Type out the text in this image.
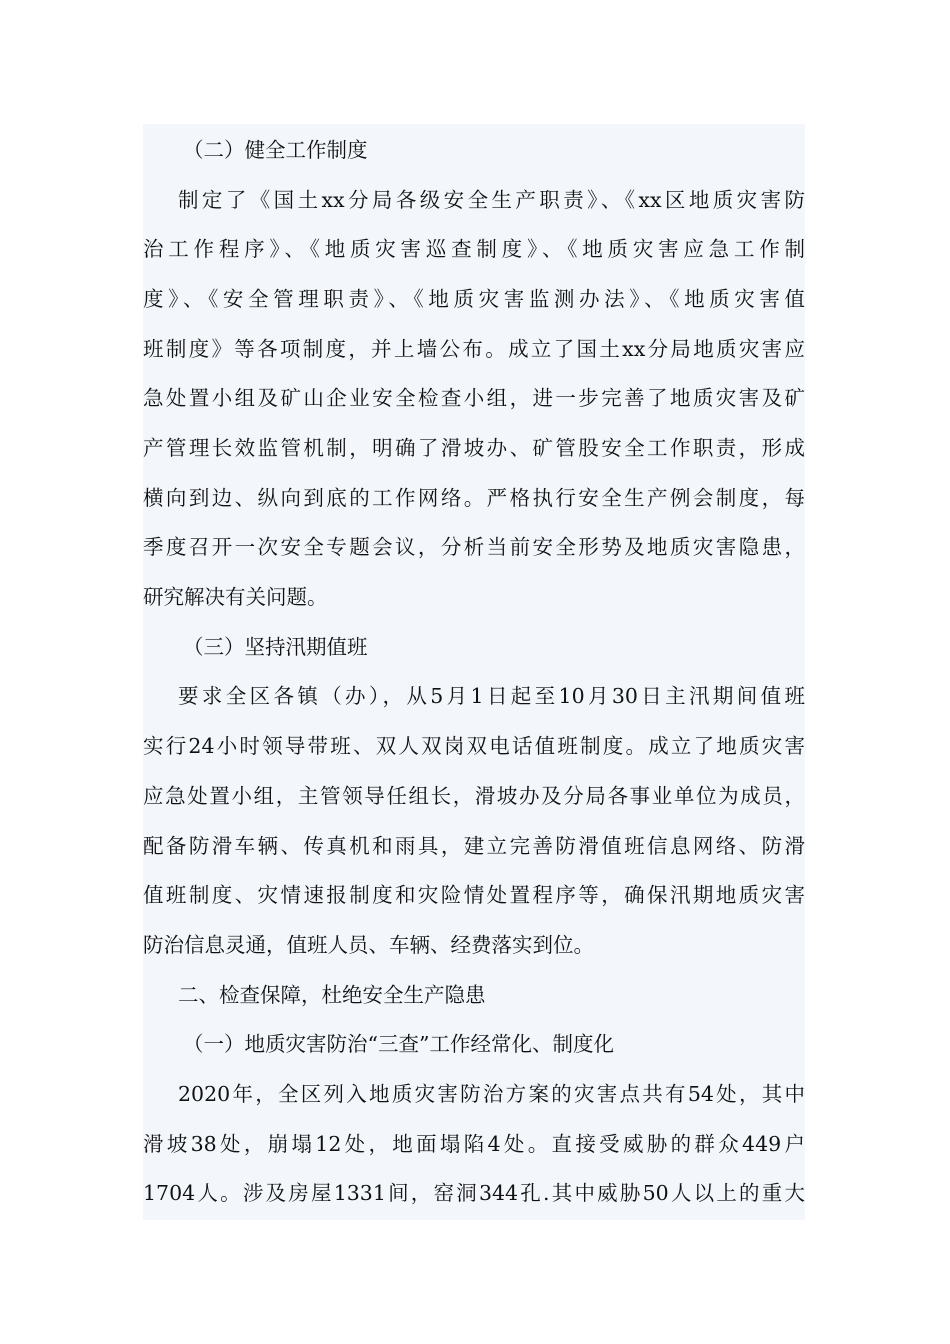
（二）健全工作制度
制定了《国土xx分局各级安全生产职责》、《xx区地质灾害防
治工作程序》、《地质灾害巡查制度》、《地质灾害应急工作制
度》、《安全管理职责》、《地质灾害监测办法》、《地质灾害值
班制度》等各项制度，并上墙公布。成立了国土xx分局地质灾害应
急处置小组及矿山企业安全检查小组，进一步完善了地质灾害及矿
产管理长效监管机制，明确了滑坡办、矿管股安全工作职责，形成
横向到边、纵向到底的工作网络。严格执行安全生产例会制度，每
季度召开一次安全专题会议，分析当前安全形势及地质灾害隐患，
研究解决有关问题。
（三）坚持汛期值班
要求全区各镇（办），从5月1日起至10月30日主汛期间值班
实行24小时领导带班、双人双岗双电话值班制度。成立了地质灾害
应急处置小组，主管领导任组长，滑坡办及分局各事业单位为成员，
配备防滑车辆、传真机和雨具，建立完善防滑值班信息网络、防滑
值班制度、灾情速报制度和灾险情处置程序等，确保汛期地质灾害
防治信息灵通，值班人员、车辆、经费落实到位。
二、检查保障，杜绝安全生产隐患
（一）地质灾害防治“三查”工作经常化、制度化
2020年，全区列入地质灾害防治方案的灾害点共有54处，其中
滑坡38处，崩塌12处，地面塌陷4处。直接受威胁的群众449户
1704人。涉及房屋1331间，窑洞344孔.其中威胁50人以上的重大
